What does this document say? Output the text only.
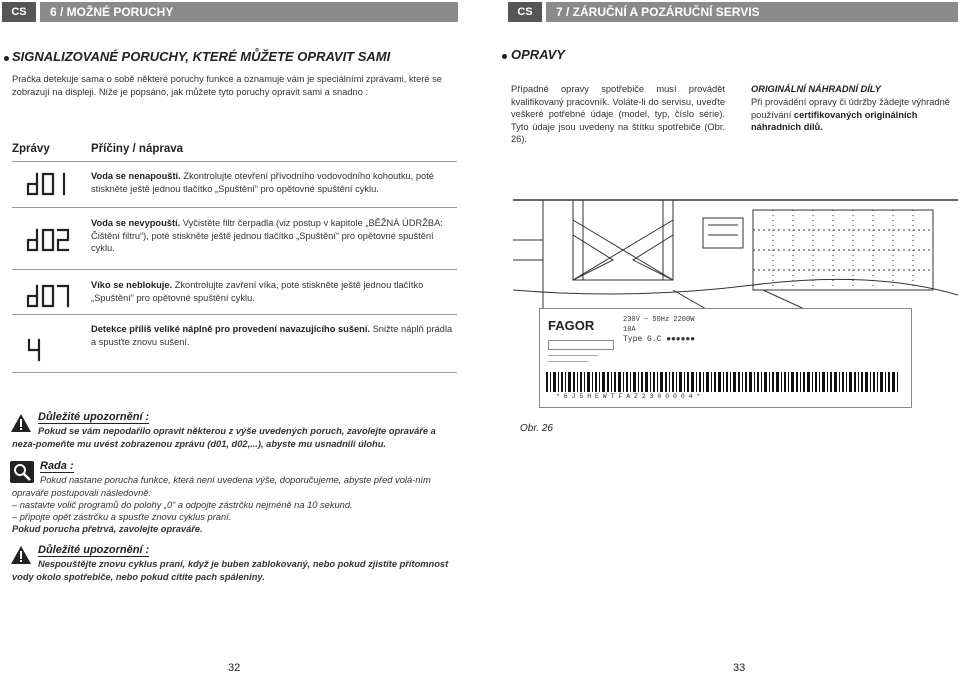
CS	6 / MOŽNÉ PORUCHY
SIGNALIZOVANÉ PORUCHY, KTERÉ MŮŽETE OPRAVIT SAMI
Pračka detekuje sama o sobě některé poruchy funkce a oznamuje vám je speciálními zprávami, které se zobrazují na displeji. Níže je popsáno, jak můžete tyto poruchy opravit sami a snadno :
Zprávy	Příčiny / náprava
Voda se nenapouští. Zkontrolujte otevření přívodního vodovodního kohoutku, poté stiskněte ještě jednou tlačítko „Spuštění“ pro opětovné spuštění cyklu.
Voda se nevypouští. Vyčistěte filtr čerpadla (viz postup v kapitole „BĚŽNÁ ÚDRŽBA: Čištění filtru“), poté stiskněte ještě jednou tlačítko „Spuštění“ pro opětovné spuštění cyklu.
Víko se neblokuje. Zkontrolujte zavření víka, poté stiskněte ještě jednou tlačítko „Spuštění“ pro opětovné spuštění cyklu.
Detekce příliš veliké náplně pro provedení navazujícího sušení. Snižte náplň prádla a spusťte znovu sušení.
Důležité upozornění :
Pokud se vám nepodařilo opravit některou z výše uvedených poruch, zavolejte opraváře a neza-pomeňte mu uvést zobrazenou zprávu (d01, d02,...), abyste mu usnadnili úlohu.
Rada :
Pokud nastane porucha funkce, která není uvedena výše, doporučujeme, abyste před volá-ním opraváře postupovali následovně:
– nastavte volič programů do polohy „0“ a odpojte zástrčku nejméně na 10 sekund.
– připojte opět zástrčku a spusťte znovu cyklus praní.
Pokud porucha přetrvá, zavolejte opraváře.
Důležité upozornění :
Nespouštějte znovu cyklus praní, když je buben zablokovaný, nebo pokud zjistíte přítomnost vody okolo spotřebiče, nebo pokud cítíte pach spáleniny.
32
CS	7 / ZÁRUČNÍ A POZÁRUČNÍ SERVIS
OPRAVY
Případné opravy spotřebiče musí provádět kvalifikovaný pracovník. Voláte-li do servisu, uveďte veškeré potřebné údaje (model, typ, číslo série). Tyto údaje jsou uvedeny na štítku spotřebiče (Obr. 26).
ORIGINÁLNÍ NÁHRADNÍ DÍLY
Při provádění opravy či údržby žádejte výhradně používání certifikovaných originálních náhradních dílů.
FAGOR	230V ~ 50Hz 2200W
10A
Type G.C ●●●●●●
* 6 J 5 H E W T F A Z 2 3 0 0 0 0 4 *
Obr. 26
33
